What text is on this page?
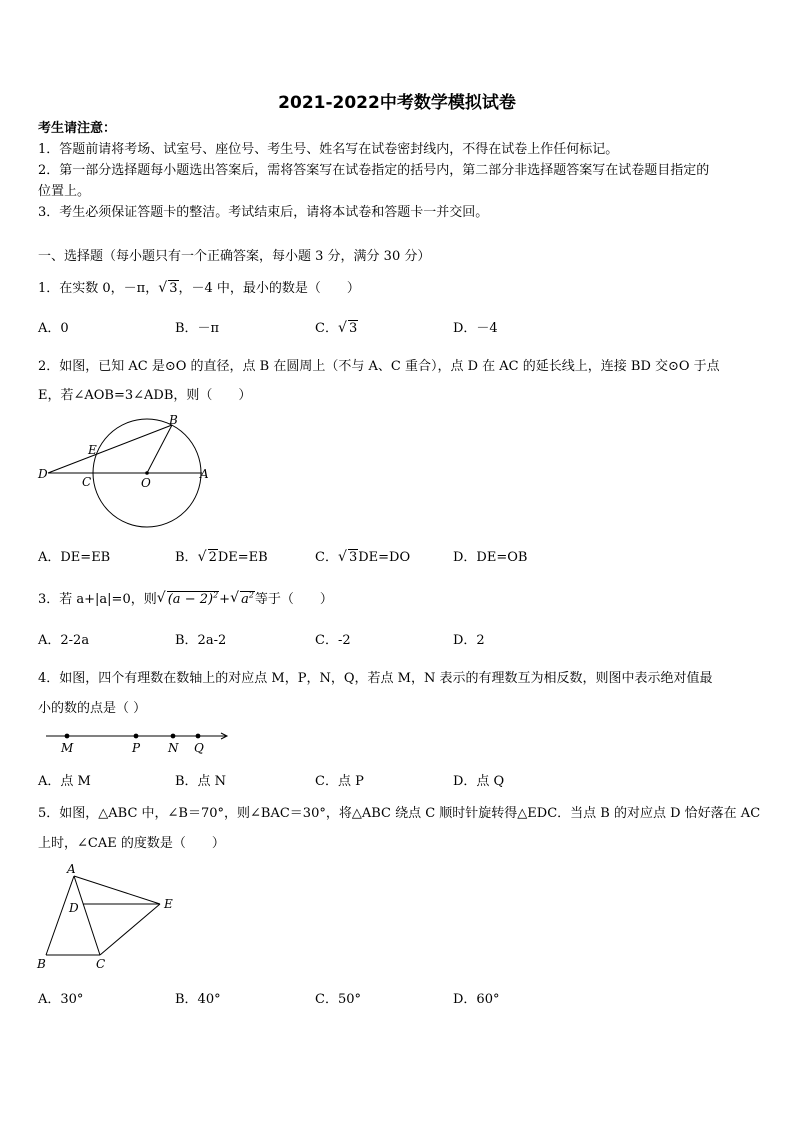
2021-2022中考数学模拟试卷
考生请注意：
1．答题前请将考场、试室号、座位号、考生号、姓名写在试卷密封线内，不得在试卷上作任何标记。
2．第一部分选择题每小题选出答案后，需将答案写在试卷指定的括号内，第二部分非选择题答案写在试卷题目指定的
位置上。
3．考生必须保证答题卡的整洁。考试结束后，请将本试卷和答题卡一并交回。
一、选择题（每小题只有一个正确答案，每小题 3 分，满分 30 分）
1．在实数 0，－π，√ 3，－4 中，最小的数是（　　）
A．0	B．－π	C．√ 3	D．－4
2．如图，已知 AC 是⊙O 的直径，点 B 在圆周上（不与 A、C 重合），点 D 在 AC 的延长线上，连接 BD 交⊙O 于点
E，若∠AOB=3∠ADB，则（　　）
B
E
D
C	O
A
A．DE=EB	B．√ 2DE=EB	C．√ 3DE=DO	D．DE=OB
3．若 a+|a|=0，则√ $(a - 2)^2+√$ $a^2$等于（　　）
A．2-2a	B．2a-2	C．-2	D．2
4．如图，四个有理数在数轴上的对应点 M，P，N，Q，若点 M，N 表示的有理数互为相反数，则图中表示绝对值最
小的数的点是（ ）
M	P N Q
A．点 M	B．点 N	C．点 P	D．点 Q
5．如图，△ABC 中，∠B＝70°，则∠BAC＝30°，将△ABC 绕点 C 顺时针旋转得△EDC．当点 B 的对应点 D 恰好落在 AC
上时，∠CAE 的度数是（　　）
A
D	E
B	C
A．30°	B．40°	C．50°	D．60°
